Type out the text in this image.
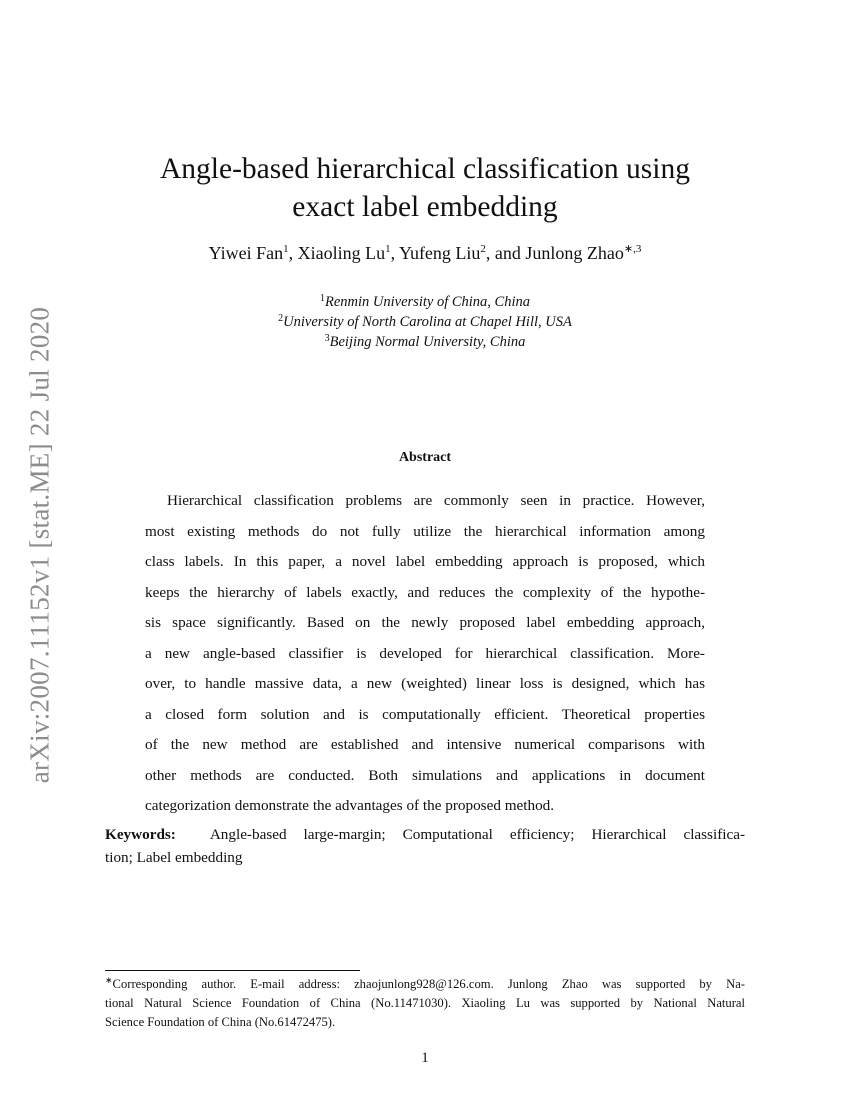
arXiv:2007.11152v1 [stat.ME] 22 Jul 2020
Angle-based hierarchical classification using
exact label embedding
Yiwei Fan$^1$, Xiaoling Lu$^1$, Yufeng Liu$^2$, and Junlong Zhao$^{∗,3}$
$^1$Renmin University of China, China
$^2$University of North Carolina at Chapel Hill, USA
$^3$Beijing Normal University, China
Abstract
Hierarchical classification problems are commonly seen in practice. However,
most existing methods do not fully utilize the hierarchical information among
class labels. In this paper, a novel label embedding approach is proposed, which
keeps the hierarchy of labels exactly, and reduces the complexity of the hypothe-
sis space significantly. Based on the newly proposed label embedding approach,
a new angle-based classifier is developed for hierarchical classification. More-
over, to handle massive data, a new (weighted) linear loss is designed, which has
a closed form solution and is computationally efficient. Theoretical properties
of the new method are established and intensive numerical comparisons with
other methods are conducted. Both simulations and applications in document
categorization demonstrate the advantages of the proposed method.
Keywords: Angle-based large-margin; Computational efficiency; Hierarchical classifica-
tion; Label embedding
∗Corresponding author. E-mail address: zhaojunlong928@126.com. Junlong Zhao was supported by Na-
tional Natural Science Foundation of China (No.11471030). Xiaoling Lu was supported by National Natural
Science Foundation of China (No.61472475).
1
